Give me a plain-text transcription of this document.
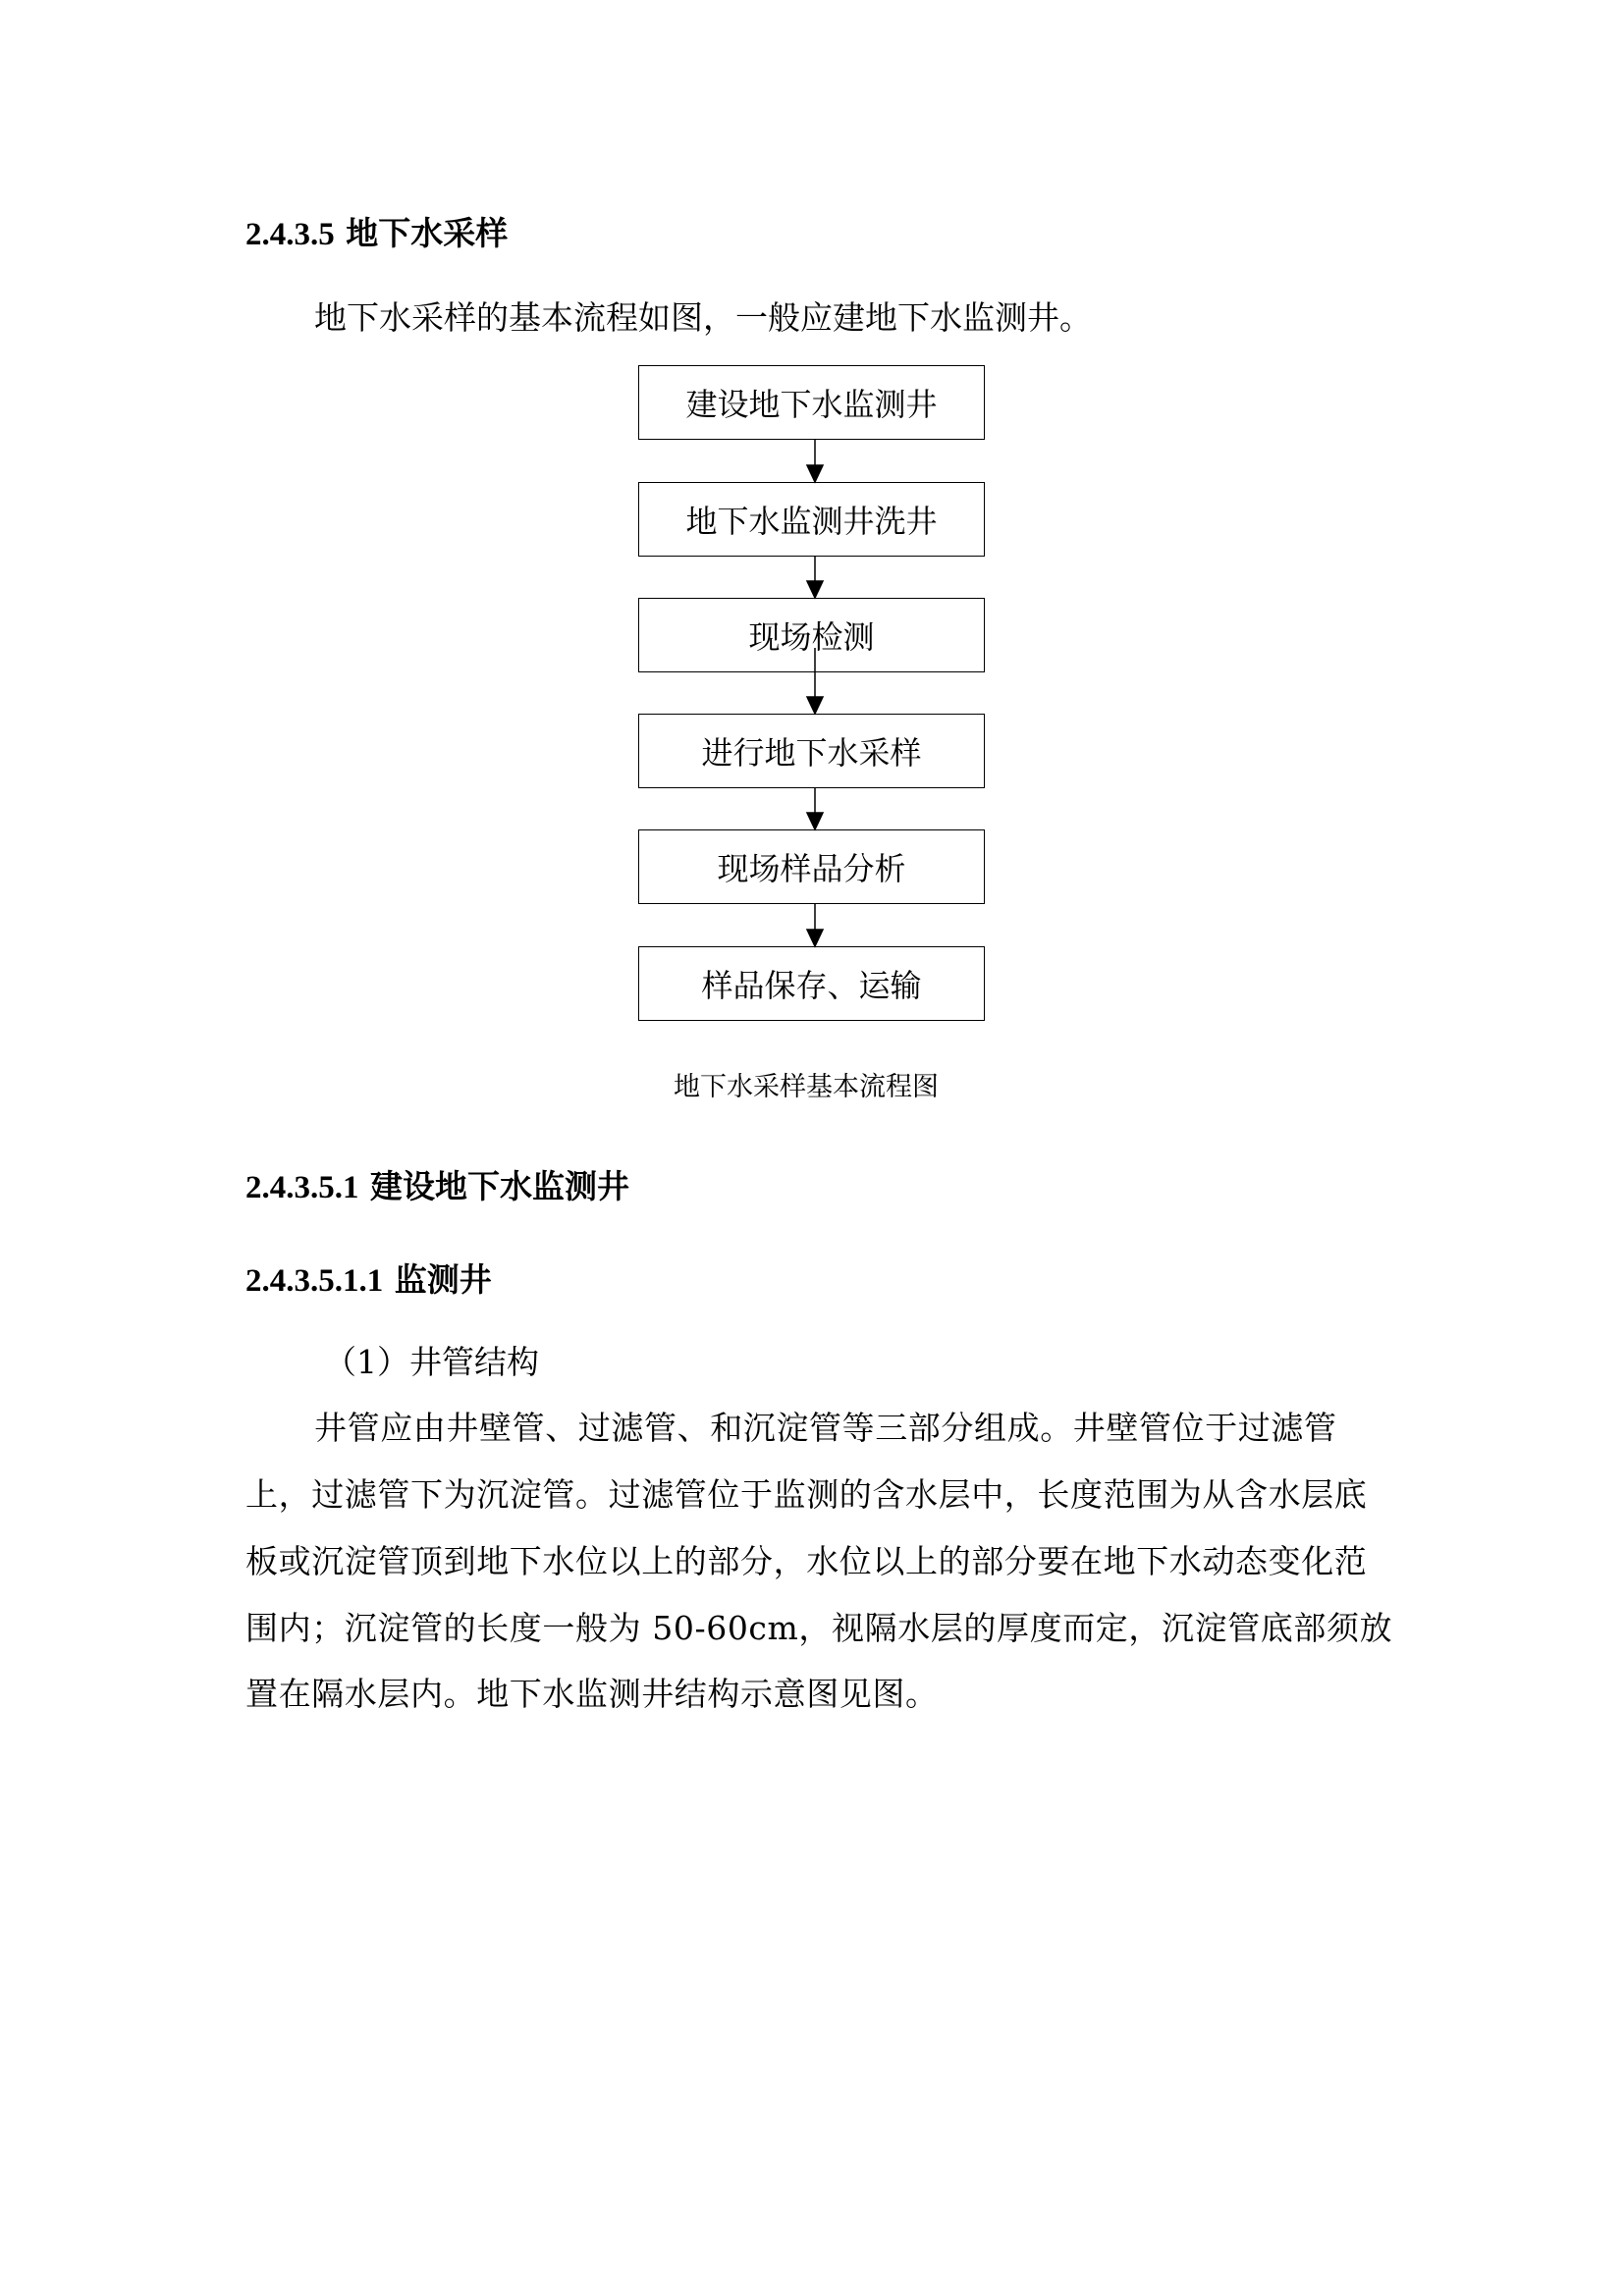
2.4.3.5 地下水采样
地下水采样的基本流程如图，一般应建地下水监测井。
建设地下水监测井
地下水监测井洗井
现场检测
进行地下水采样
现场样品分析
样品保存、运输
地下水采样基本流程图
2.4.3.5.1 建设地下水监测井
2.4.3.5.1.1 监测井
（1）井管结构
井管应由井壁管、过滤管、和沉淀管等三部分组成。井壁管位于过滤管
上，过滤管下为沉淀管。过滤管位于监测的含水层中，长度范围为从含水层底
板或沉淀管顶到地下水位以上的部分，水位以上的部分要在地下水动态变化范
围内；沉淀管的长度一般为 50-60cm，视隔水层的厚度而定，沉淀管底部须放
置在隔水层内。地下水监测井结构示意图见图。
